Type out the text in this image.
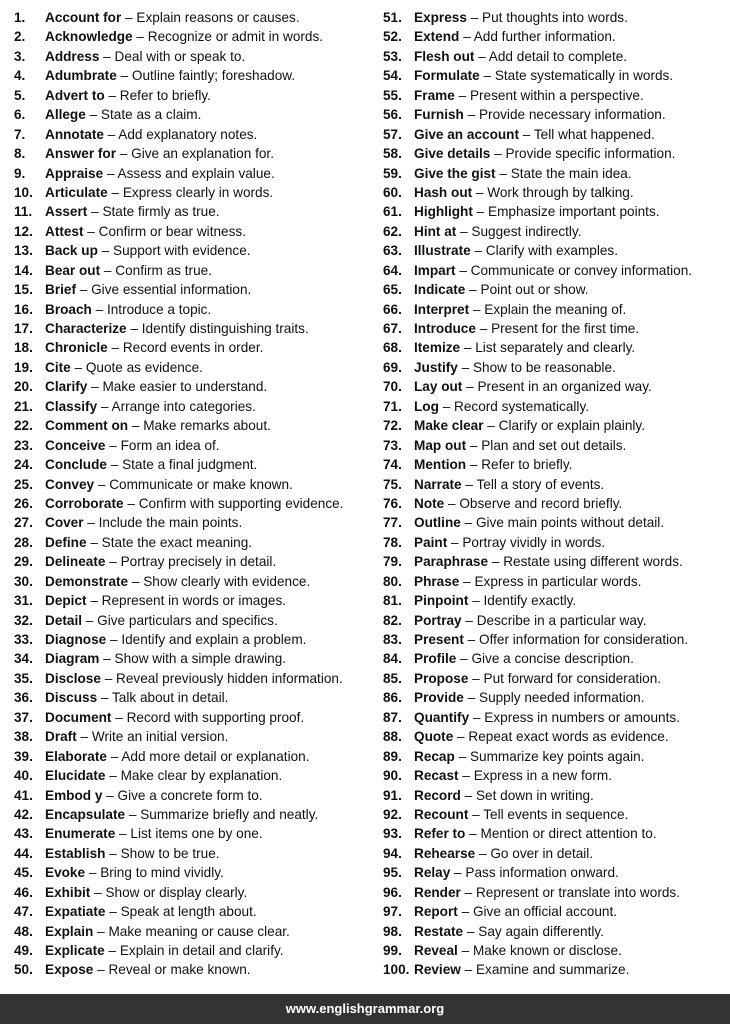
1. Account for – Explain reasons or causes.
2. Acknowledge – Recognize or admit in words.
3. Address – Deal with or speak to.
4. Adumbrate – Outline faintly; foreshadow.
5. Advert to – Refer to briefly.
6. Allege – State as a claim.
7. Annotate – Add explanatory notes.
8. Answer for – Give an explanation for.
9. Appraise – Assess and explain value.
10. Articulate – Express clearly in words.
11. Assert – State firmly as true.
12. Attest – Confirm or bear witness.
13. Back up – Support with evidence.
14. Bear out – Confirm as true.
15. Brief – Give essential information.
16. Broach – Introduce a topic.
17. Characterize – Identify distinguishing traits.
18. Chronicle – Record events in order.
19. Cite – Quote as evidence.
20. Clarify – Make easier to understand.
21. Classify – Arrange into categories.
22. Comment on – Make remarks about.
23. Conceive – Form an idea of.
24. Conclude – State a final judgment.
25. Convey – Communicate or make known.
26. Corroborate – Confirm with supporting evidence.
27. Cover – Include the main points.
28. Define – State the exact meaning.
29. Delineate – Portray precisely in detail.
30. Demonstrate – Show clearly with evidence.
31. Depict – Represent in words or images.
32. Detail – Give particulars and specifics.
33. Diagnose – Identify and explain a problem.
34. Diagram – Show with a simple drawing.
35. Disclose – Reveal previously hidden information.
36. Discuss – Talk about in detail.
37. Document – Record with supporting proof.
38. Draft – Write an initial version.
39. Elaborate – Add more detail or explanation.
40. Elucidate – Make clear by explanation.
41. Embod y – Give a concrete form to.
42. Encapsulate – Summarize briefly and neatly.
43. Enumerate – List items one by one.
44. Establish – Show to be true.
45. Evoke – Bring to mind vividly.
46. Exhibit – Show or display clearly.
47. Expatiate – Speak at length about.
48. Explain – Make meaning or cause clear.
49. Explicate – Explain in detail and clarify.
50. Expose – Reveal or make known.
51. Express – Put thoughts into words.
52. Extend – Add further information.
53. Flesh out – Add detail to complete.
54. Formulate – State systematically in words.
55. Frame – Present within a perspective.
56. Furnish – Provide necessary information.
57. Give an account – Tell what happened.
58. Give details – Provide specific information.
59. Give the gist – State the main idea.
60. Hash out – Work through by talking.
61. Highlight – Emphasize important points.
62. Hint at – Suggest indirectly.
63. Illustrate – Clarify with examples.
64. Impart – Communicate or convey information.
65. Indicate – Point out or show.
66. Interpret – Explain the meaning of.
67. Introduce – Present for the first time.
68. Itemize – List separately and clearly.
69. Justify – Show to be reasonable.
70. Lay out – Present in an organized way.
71. Log – Record systematically.
72. Make clear – Clarify or explain plainly.
73. Map out – Plan and set out details.
74. Mention – Refer to briefly.
75. Narrate – Tell a story of events.
76. Note – Observe and record briefly.
77. Outline – Give main points without detail.
78. Paint – Portray vividly in words.
79. Paraphrase – Restate using different words.
80. Phrase – Express in particular words.
81. Pinpoint – Identify exactly.
82. Portray – Describe in a particular way.
83. Present – Offer information for consideration.
84. Profile – Give a concise description.
85. Propose – Put forward for consideration.
86. Provide – Supply needed information.
87. Quantify – Express in numbers or amounts.
88. Quote – Repeat exact words as evidence.
89. Recap – Summarize key points again.
90. Recast – Express in a new form.
91. Record – Set down in writing.
92. Recount – Tell events in sequence.
93. Refer to – Mention or direct attention to.
94. Rehearse – Go over in detail.
95. Relay – Pass information onward.
96. Render – Represent or translate into words.
97. Report – Give an official account.
98. Restate – Say again differently.
99. Reveal – Make known or disclose.
100. Review – Examine and summarize.
www.englishgrammar.org
